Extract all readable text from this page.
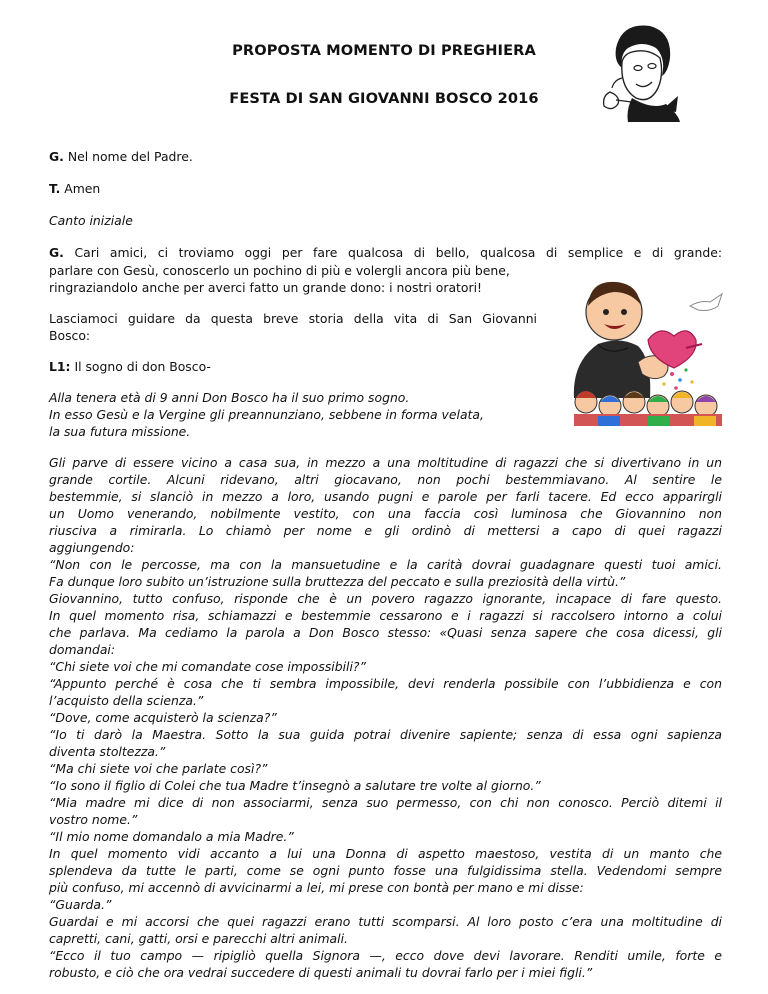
PROPOSTA MOMENTO DI PREGHIERA
FESTA DI SAN GIOVANNI BOSCO 2016
G. Nel nome del Padre.
T. Amen
Canto iniziale
G. Cari amici, ci troviamo oggi per fare qualcosa di bello, qualcosa di semplice e di grande:
parlare con Gesù, conoscerlo un pochino di più e volergli ancora più bene,
ringraziandolo anche per averci fatto un grande dono: i nostri oratori!
Lasciamoci guidare da questa breve storia della vita di San Giovanni
Bosco:
L1: Il sogno di don Bosco-
Alla tenera età di 9 anni Don Bosco ha il suo primo sogno.
In esso Gesù e la Vergine gli preannunziano, sebbene in forma velata,
la sua futura missione.
Gli parve di essere vicino a casa sua, in mezzo a una moltitudine di ragazzi che si divertivano in un
grande cortile. Alcuni ridevano, altri giocavano, non pochi bestemmiavano. Al sentire le
bestemmie, si slanciò in mezzo a loro, usando pugni e parole per farli tacere. Ed ecco apparirgli
un Uomo venerando, nobilmente vestito, con una faccia così luminosa che Giovannino non
riusciva a rimirarla. Lo chiamò per nome e gli ordinò di mettersi a capo di quei ragazzi
aggiungendo:
“Non con le percosse, ma con la mansuetudine e la carità dovrai guadagnare questi tuoi amici.
Fa dunque loro subito un’istruzione sulla bruttezza del peccato e sulla preziosità della virtù.”
Giovannino, tutto confuso, risponde che è un povero ragazzo ignorante, incapace di fare questo.
In quel momento risa, schiamazzi e bestemmie cessarono e i ragazzi si raccolsero intorno a colui
che parlava. Ma cediamo la parola a Don Bosco stesso: «Quasi senza sapere che cosa dicessi, gli
domandai:
“Chi siete voi che mi comandate cose impossibili?”
“Appunto perché è cosa che ti sembra impossibile, devi renderla possibile con l’ubbidienza e con
l’acquisto della scienza.”
“Dove, come acquisterò la scienza?”
“Io ti darò la Maestra. Sotto la sua guida potrai divenire sapiente; senza di essa ogni sapienza
diventa stoltezza.”
“Ma chi siete voi che parlate così?”
“Io sono il figlio di Colei che tua Madre t’insegnò a salutare tre volte al giorno.”
“Mia madre mi dice di non associarmi, senza suo permesso, con chi non conosco. Perciò ditemi il
vostro nome.”
“Il mio nome domandalo a mia Madre.”
In quel momento vidi accanto a lui una Donna di aspetto maestoso, vestita di un manto che
splendeva da tutte le parti, come se ogni punto fosse una fulgidissima stella. Vedendomi sempre
più confuso, mi accennò di avvicinarmi a lei, mi prese con bontà per mano e mi disse:
“Guarda.”
Guardai e mi accorsi che quei ragazzi erano tutti scomparsi. Al loro posto c’era una moltitudine di
capretti, cani, gatti, orsi e parecchi altri animali.
“Ecco il tuo campo — ripigliò quella Signora —, ecco dove devi lavorare. Renditi umile, forte e
robusto, e ciò che ora vedrai succedere di questi animali tu dovrai farlo per i miei figli.”
